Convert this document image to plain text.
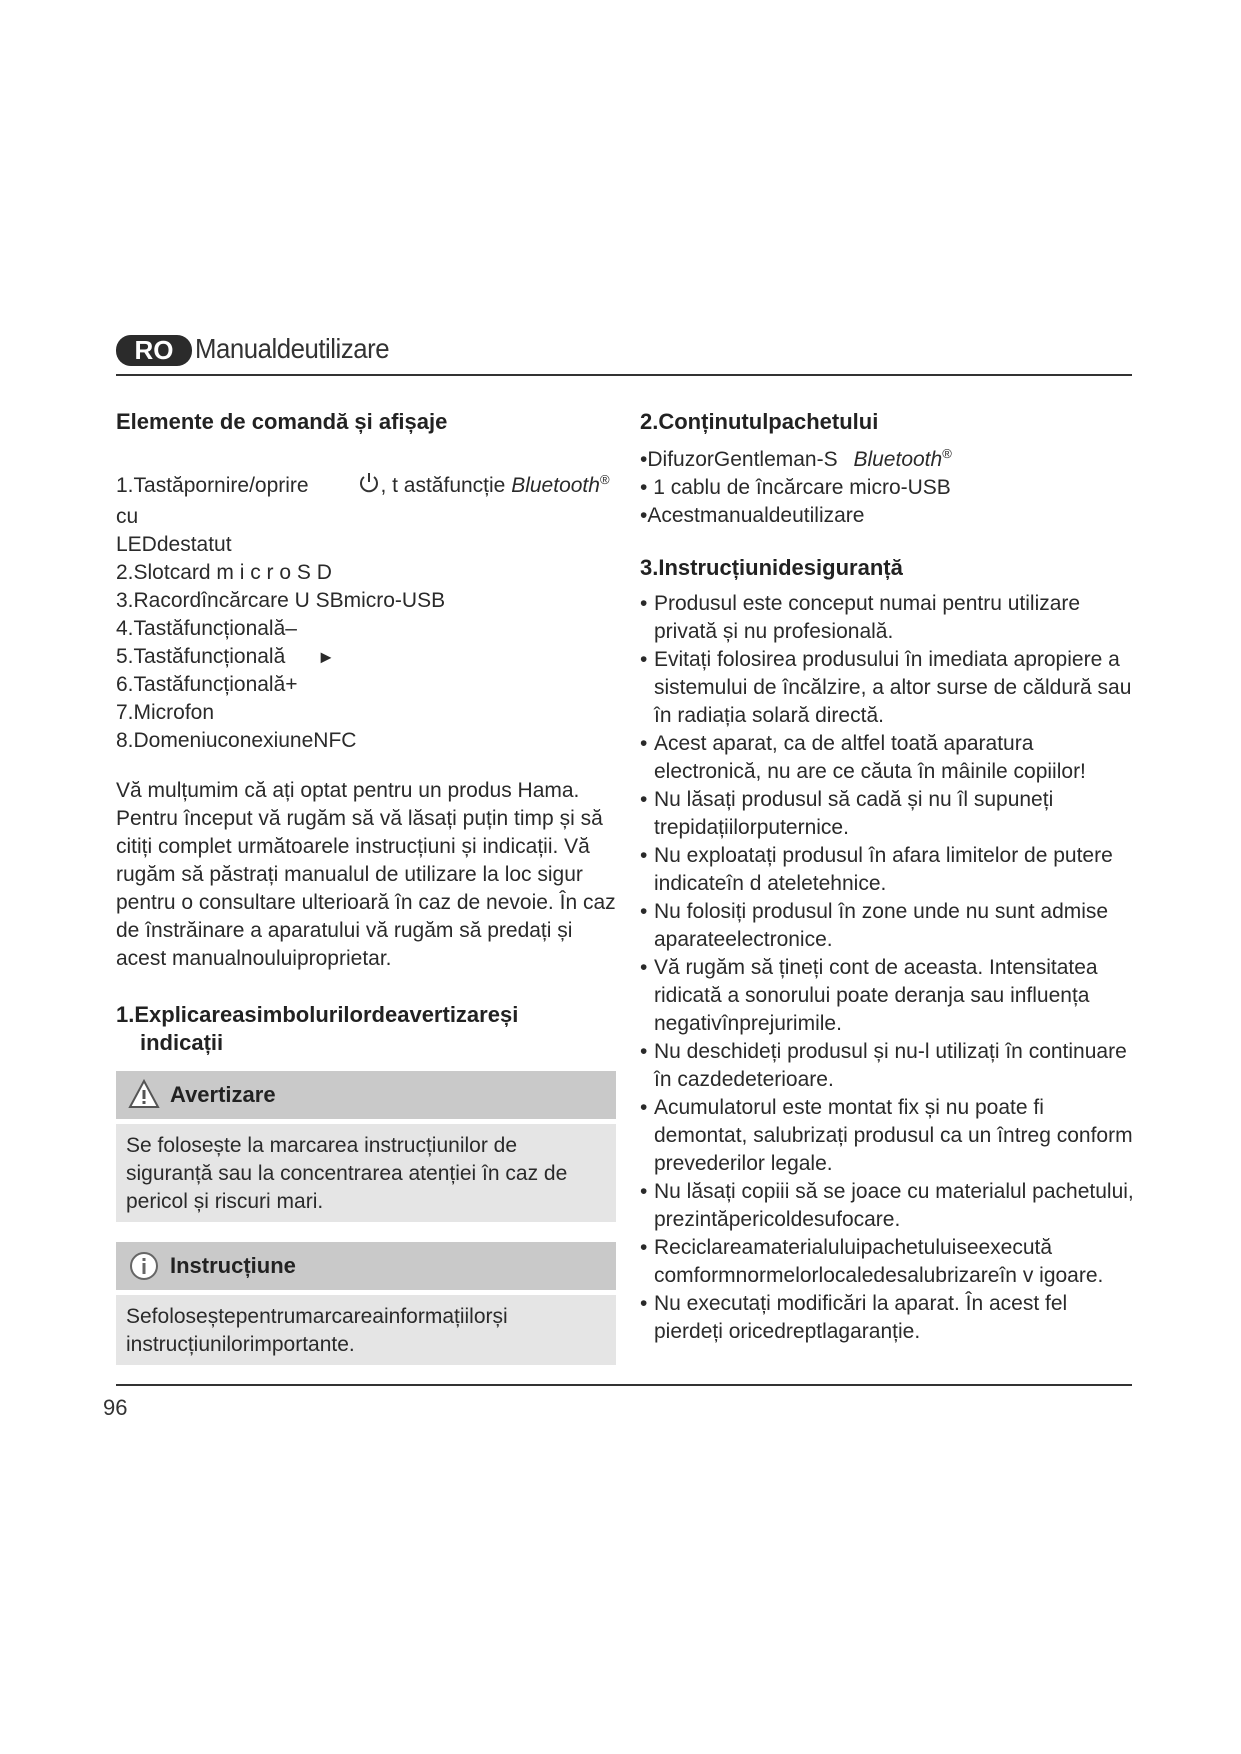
RO Manualdeutilizare
Elemente de comandă și afișaje
1.Tastăpornire/oprire	, t astăfuncție Bluetooth® cu
LEDdestatut
2.Slotcard m i c r o S D
3.Racordîncărcare U SBmicro-USB
4.Tastăfuncțională–
5.Tastăfuncțională ►
6.Tastăfuncțională+
7.Microfon
8.DomeniuconexiuneNFC

Vă mulțumim că ați optat pentru un produs Hama. Pentru început vă rugăm să vă lăsați puțin timp și să citiți complet următoarele instrucțiuni și indicații. Vă rugăm să păstrați manualul de utilizare la loc sigur pentru o consultare ulterioară în caz de nevoie. În caz de înstrăinare a aparatului vă rugăm să predați și acest manualnouluiproprietar.

1.Explicareasimbolurilordeavertizareși
indicații
Avertizare
Se folosește la marcarea instrucțiunilor de siguranță sau la concentrarea atenției în caz de pericol și riscuri mari.
Instrucțiune
Sefoloseștepentrumarcareainformațiilorși instrucțiunilorimportante.
2.Conținutulpachetului
•DifuzorGentleman-S Bluetooth®
• 1 cablu de încărcare micro-USB
•Acestmanualdeutilizare
3.Instrucțiunidesiguranță
• Produsul este conceput numai pentru utilizare privată și nu profesională.
• Evitați folosirea produsului în imediata apropiere a sistemului de încălzire, a altor surse de căldură sau în radiația solară directă.
• Acest aparat, ca de altfel toată aparatura electronică, nu are ce căuta în mâinile copiilor!
• Nu lăsați produsul să cadă și nu îl supuneți trepidațiilorputernice.
• Nu exploatați produsul în afara limitelor de putere indicateîn d ateletehnice.
• Nu folosiți produsul în zone unde nu sunt admise aparateelectronice.
• Vă rugăm să țineți cont de aceasta. Intensitatea ridicată a sonorului poate deranja sau influența negativînprejurimile.
• Nu deschideți produsul și nu-l utilizați în continuare în cazdedeterioare.
• Acumulatorul este montat fix și nu poate fi demontat, salubrizați produsul ca un întreg conform prevederilor legale.
• Nu lăsați copiii să se joace cu materialul pachetului, prezintăpericoldesufocare.
• Reciclareamaterialuluipachetuluiseexecută comformnormelorlocaledesalubrizareîn v igoare.
• Nu executați modificări la aparat. În acest fel pierdeți oricedreptlagaranție.
96
